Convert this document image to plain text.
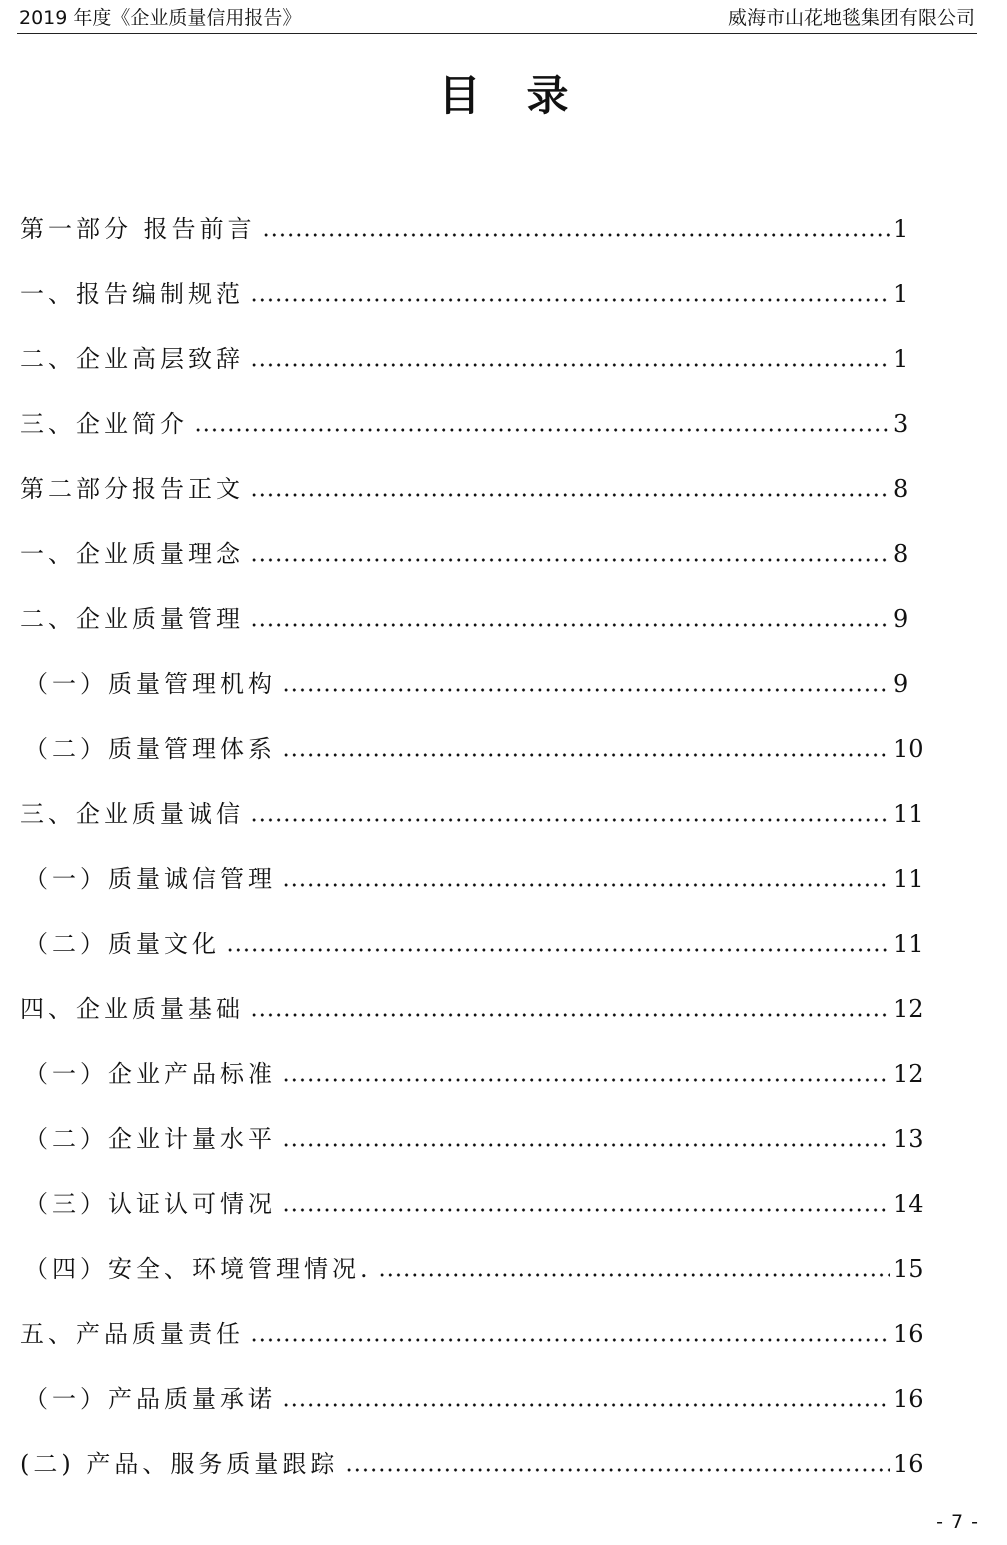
2019 年度《企业质量信用报告》	威海市山花地毯集团有限公司
目录
第一部分 报告前言	1
一、报告编制规范	1
二、企业高层致辞	1
三、企业简介	3
第二部分报告正文	8
一、企业质量理念	8
二、企业质量管理	9
（一）质量管理机构	9
（二）质量管理体系	10
三、企业质量诚信	11
（一）质量诚信管理	11
（二）质量文化	11
四、企业质量基础	12
（一）企业产品标准	12
（二）企业计量水平	13
（三）认证认可情况	14
（四）安全、环境管理情况.	15
五、产品质量责任	16
（一）产品质量承诺	16
(二) 产品、服务质量跟踪	16
- 7 -
